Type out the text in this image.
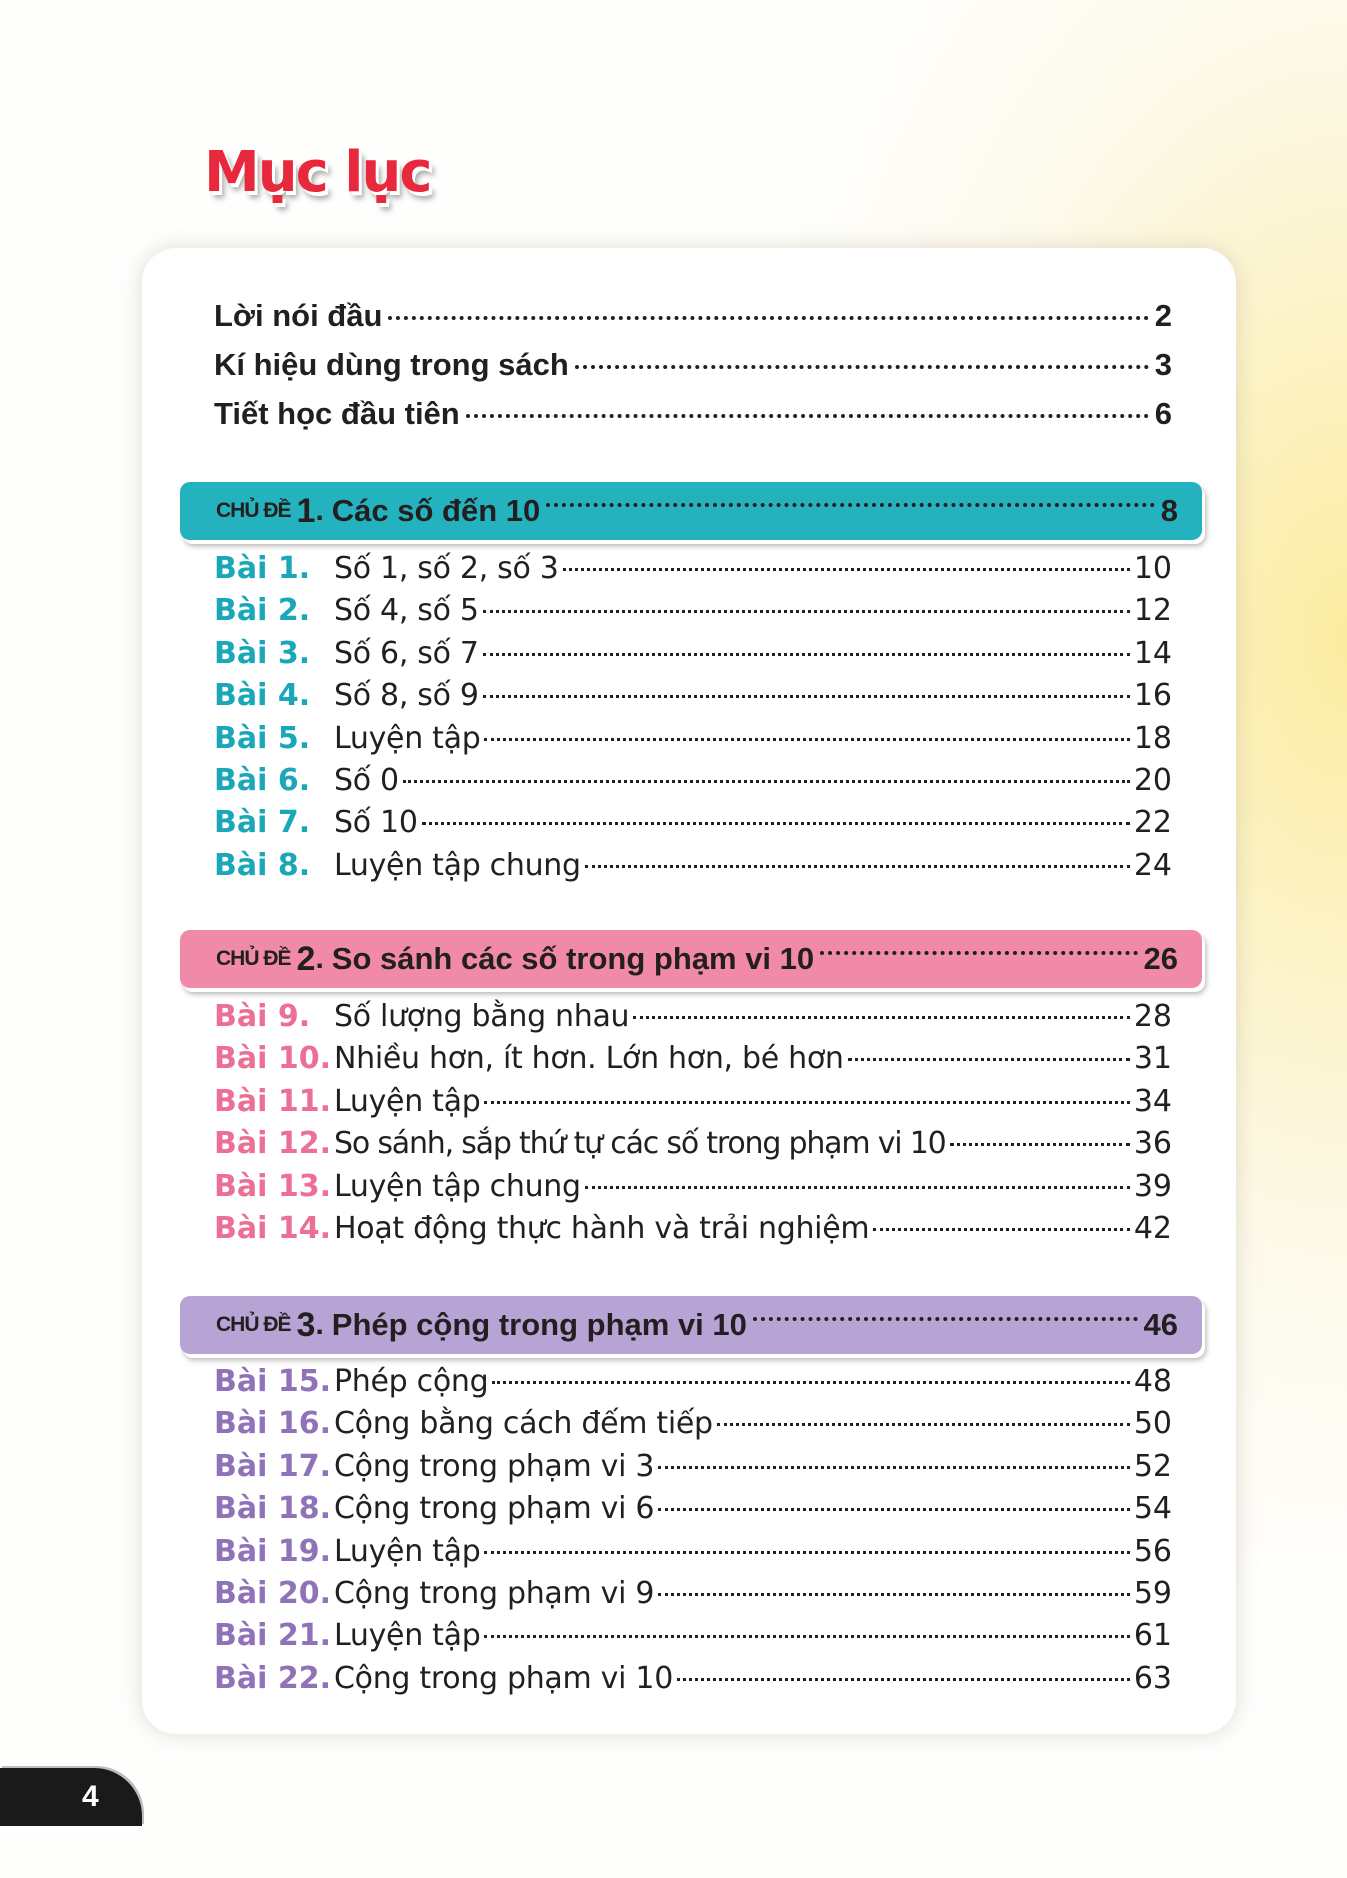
Mục lục
Lời nói đầu	2
Kí hiệu dùng trong sách	3
Tiết học đầu tiên	6
CHỦ ĐỀ 1 . Các số đến 10	8
Bài 1. Số 1, số 2, số 3	10
Bài 2. Số 4, số 5	12
Bài 3. Số 6, số 7	14
Bài 4. Số 8, số 9	16
Bài 5. Luyện tập	18
Bài 6. Số 0	20
Bài 7. Số 10	22
Bài 8. Luyện tập chung	24
CHỦ ĐỀ 2 . So sánh các số trong phạm vi 10	26
Bài 9. Số lượng bằng nhau	28
Bài 10. Nhiều hơn, ít hơn. Lớn hơn, bé hơn	31
Bài 11. Luyện tập	34
Bài 12. So sánh, sắp thứ tự các số trong phạm vi 10	36
Bài 13. Luyện tập chung	39
Bài 14. Hoạt động thực hành và trải nghiệm	42
CHỦ ĐỀ 3 . Phép cộng trong phạm vi 10	46
Bài 15. Phép cộng	48
Bài 16. Cộng bằng cách đếm tiếp	50
Bài 17. Cộng trong phạm vi 3	52
Bài 18. Cộng trong phạm vi 6	54
Bài 19. Luyện tập	56
Bài 20. Cộng trong phạm vi 9	59
Bài 21. Luyện tập	61
Bài 22. Cộng trong phạm vi 10	63
4
